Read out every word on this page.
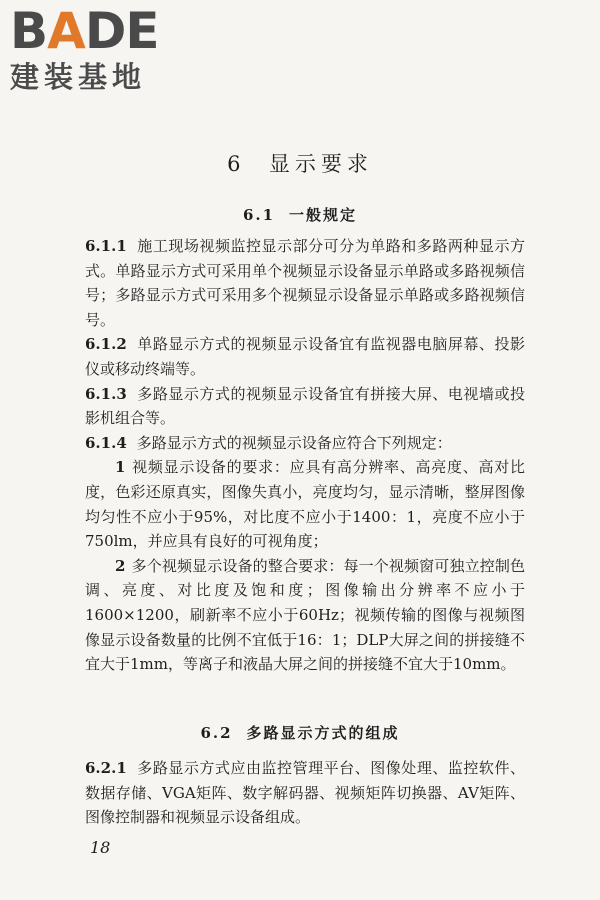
BADE
建装基地
6 显示要求
6.1 一般规定

6.1.1 施工现场视频监控显示部分可分为单路和多路两种显示方式。单路显示方式可采用单个视频显示设备显示单路或多路视频信号；多路显示方式可采用多个视频显示设备显示单路或多路视频信号。

6.1.2 单路显示方式的视频显示设备宜有监视器电脑屏幕、投影仪或移动终端等。

6.1.3 多路显示方式的视频显示设备宜有拼接大屏、电视墙或投影机组合等。

6.1.4 多路显示方式的视频显示设备应符合下列规定：

1 视频显示设备的要求：应具有高分辨率、高亮度、高对比度，色彩还原真实，图像失真小，亮度均匀，显示清晰，整屏图像均匀性不应小于95%，对比度不应小于1400：1，亮度不应小于750lm，并应具有良好的可视角度；

2 多个视频显示设备的整合要求：每一个视频窗可独立控制色调、亮度、对比度及饱和度；图像输出分辨率不应小于1600×1200，刷新率不应小于60Hz；视频传输的图像与视频图像显示设备数量的比例不宜低于16：1；DLP大屏之间的拼接缝不宜大于1mm，等离子和液晶大屏之间的拼接缝不宜大于10mm。

6.2 多路显示方式的组成

6.2.1 多路显示方式应由监控管理平台、图像处理、监控软件、数据存储、VGA矩阵、数字解码器、视频矩阵切换器、AV矩阵、图像控制器和视频显示设备组成。

18
